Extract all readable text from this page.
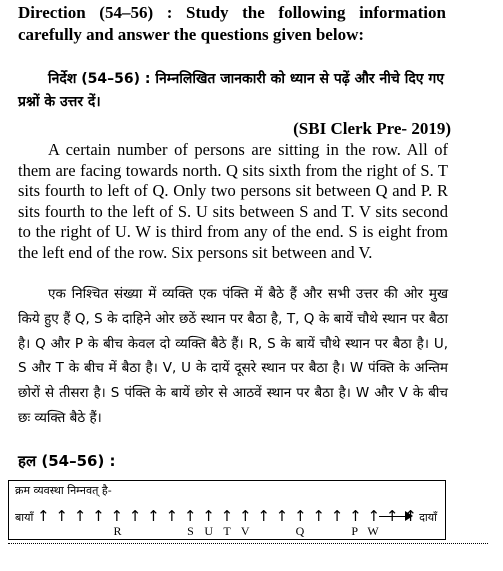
Direction (54–56) : Study the following information carefully and answer the questions given below:
निर्देश (54–56) : निम्नलिखित जानकारी को ध्यान से पढ़ें और नीचे दिए गए प्रश्नों के उत्तर दें।
(SBI Clerk Pre- 2019)
A certain number of persons are sitting in the row. All of them are facing towards north. Q sits sixth from the right of S. T sits fourth to left of Q. Only two persons sit between Q and P. R sits fourth to the left of S. U sits between S and T. V sits second to the right of U. W is third from any of the end. S is eight from the left end of the row. Six persons sit between and V.
एक निश्चित संख्या में व्यक्ति एक पंक्ति में बैठे हैं और सभी उत्तर की ओर मुख किये हुए हैं Q, S के दाहिने ओर छठें स्थान पर बैठा है, T, Q के बायें चौथे स्थान पर बैठा है। Q और P के बीच केवल दो व्यक्ति बैठे हैं। R, S के बायें चौथे स्थान पर बैठा है। U, S और T के बीच में बैठा है। V, U के दायें दूसरे स्थान पर बैठा है। W पंक्ति के अन्तिम छोरों से तीसरा है। S पंक्ति के बायें छोर से आठवें स्थान पर बैठा है। W और V के बीच छः व्यक्ति बैठे हैं।
हल (54–56) :
क्रम व्यवस्था निम्नवत् है-
बायाँ ↑ ↑ ↑ ↑ ↑ ↑ ↑ ↑ ↑ ↑ ↑ ↑ ↑ ↑ ↑ ↑ ↑ ↑ ↑ ↑ ↑ दायाँ
R	S U T V	Q	P W
